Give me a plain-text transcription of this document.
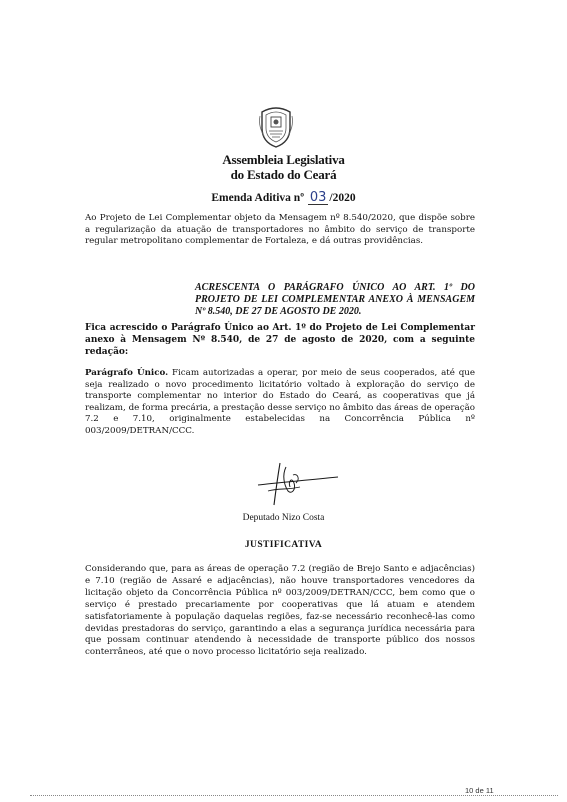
Assembleia Legislativa
do Estado do Ceará
Emenda Aditiva nº 03 /2020
Ao Projeto de Lei Complementar objeto da Mensagem nº 8.540/2020, que dispõe sobre a regularização da atuação de transportadores no âmbito do serviço de transporte regular metropolitano complementar de Fortaleza, e dá outras providências.
ACRESCENTA O PARÁGRAFO ÚNICO AO ART. 1º DO PROJETO DE LEI COMPLEMENTAR ANEXO À MENSAGEM Nº 8.540, DE 27 DE AGOSTO DE 2020.
Fica acrescido o Parágrafo Único ao Art. 1º do Projeto de Lei Complementar anexo à Mensagem Nº 8.540, de 27 de agosto de 2020, com a seguinte redação:
Parágrafo Único. Ficam autorizadas a operar, por meio de seus cooperados, até que seja realizado o novo procedimento licitatório voltado à exploração do serviço de transporte complementar no interior do Estado do Ceará, as cooperativas que já realizam, de forma precária, a prestação desse serviço no âmbito das áreas de operação 7.2 e 7.10, originalmente estabelecidas na Concorrência Pública nº 003/2009/DETRAN/CCC.
Deputado Nizo Costa
JUSTIFICATIVA
Considerando que, para as áreas de operação 7.2 (região de Brejo Santo e adjacências) e 7.10 (região de Assaré e adjacências), não houve transportadores vencedores da licitação objeto da Concorrência Pública nº 003/2009/DETRAN/CCC, bem como que o serviço é prestado precariamente por cooperativas que lá atuam e atendem satisfatoriamente à população daquelas regiões, faz-se necessário reconhecê-las como devidas prestadoras do serviço, garantindo a elas a segurança jurídica necessária para que possam continuar atendendo à necessidade de transporte público dos nossos conterrâneos, até que o novo processo licitatório seja realizado.
10 de 11
